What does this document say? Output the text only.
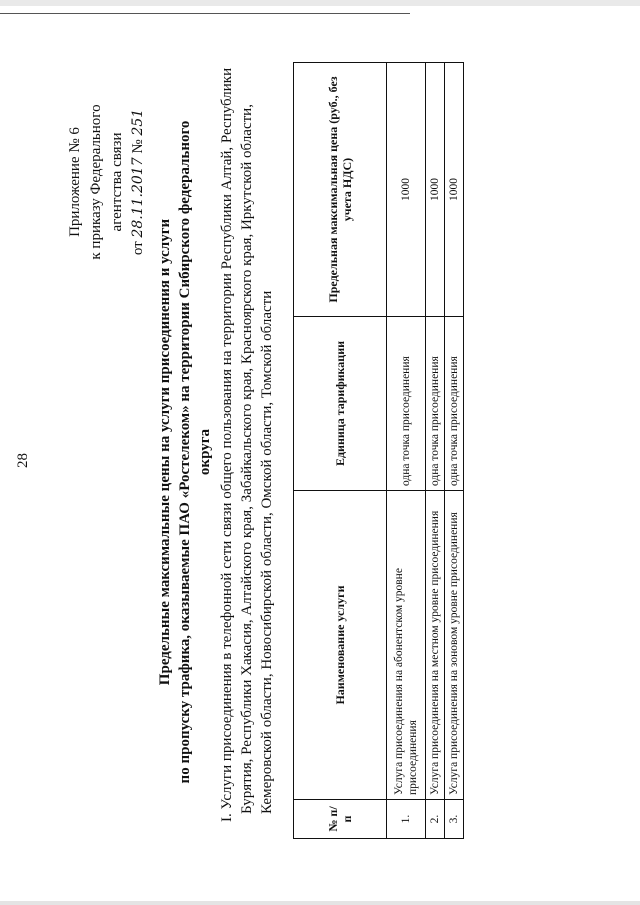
28
Приложение № 6 к приказу Федерального агентства связи
от 28.11.2017 № 251
Предельные максимальные цены на услуги присоединения и услуги по пропуску трафика, оказываемые ПАО «Ростелеком» на территории Сибирского федерального округа I. Услуги присоединения в телефонной сети связи общего пользования на территории Республики Алтай, Республики Бурятия, Республики Хакасия, Алтайского края, Забайкальского края, Красноярского края, Иркутской области, Кемеровской области, Новосибирской области, Омской области, Томской области
№ п/п	Наименование услуги	Единица тарификации	Предельная максимальная цена (руб., без учета НДС)
1.	Услуга присоединения на абонентском уровне присоединения	одна точка присоединения	1000
2.	Услуга присоединения на местном уровне присоединения	одна точка присоединения	1000
3.	Услуга присоединения на зоновом уровне присоединения	одна точка присоединения	1000
